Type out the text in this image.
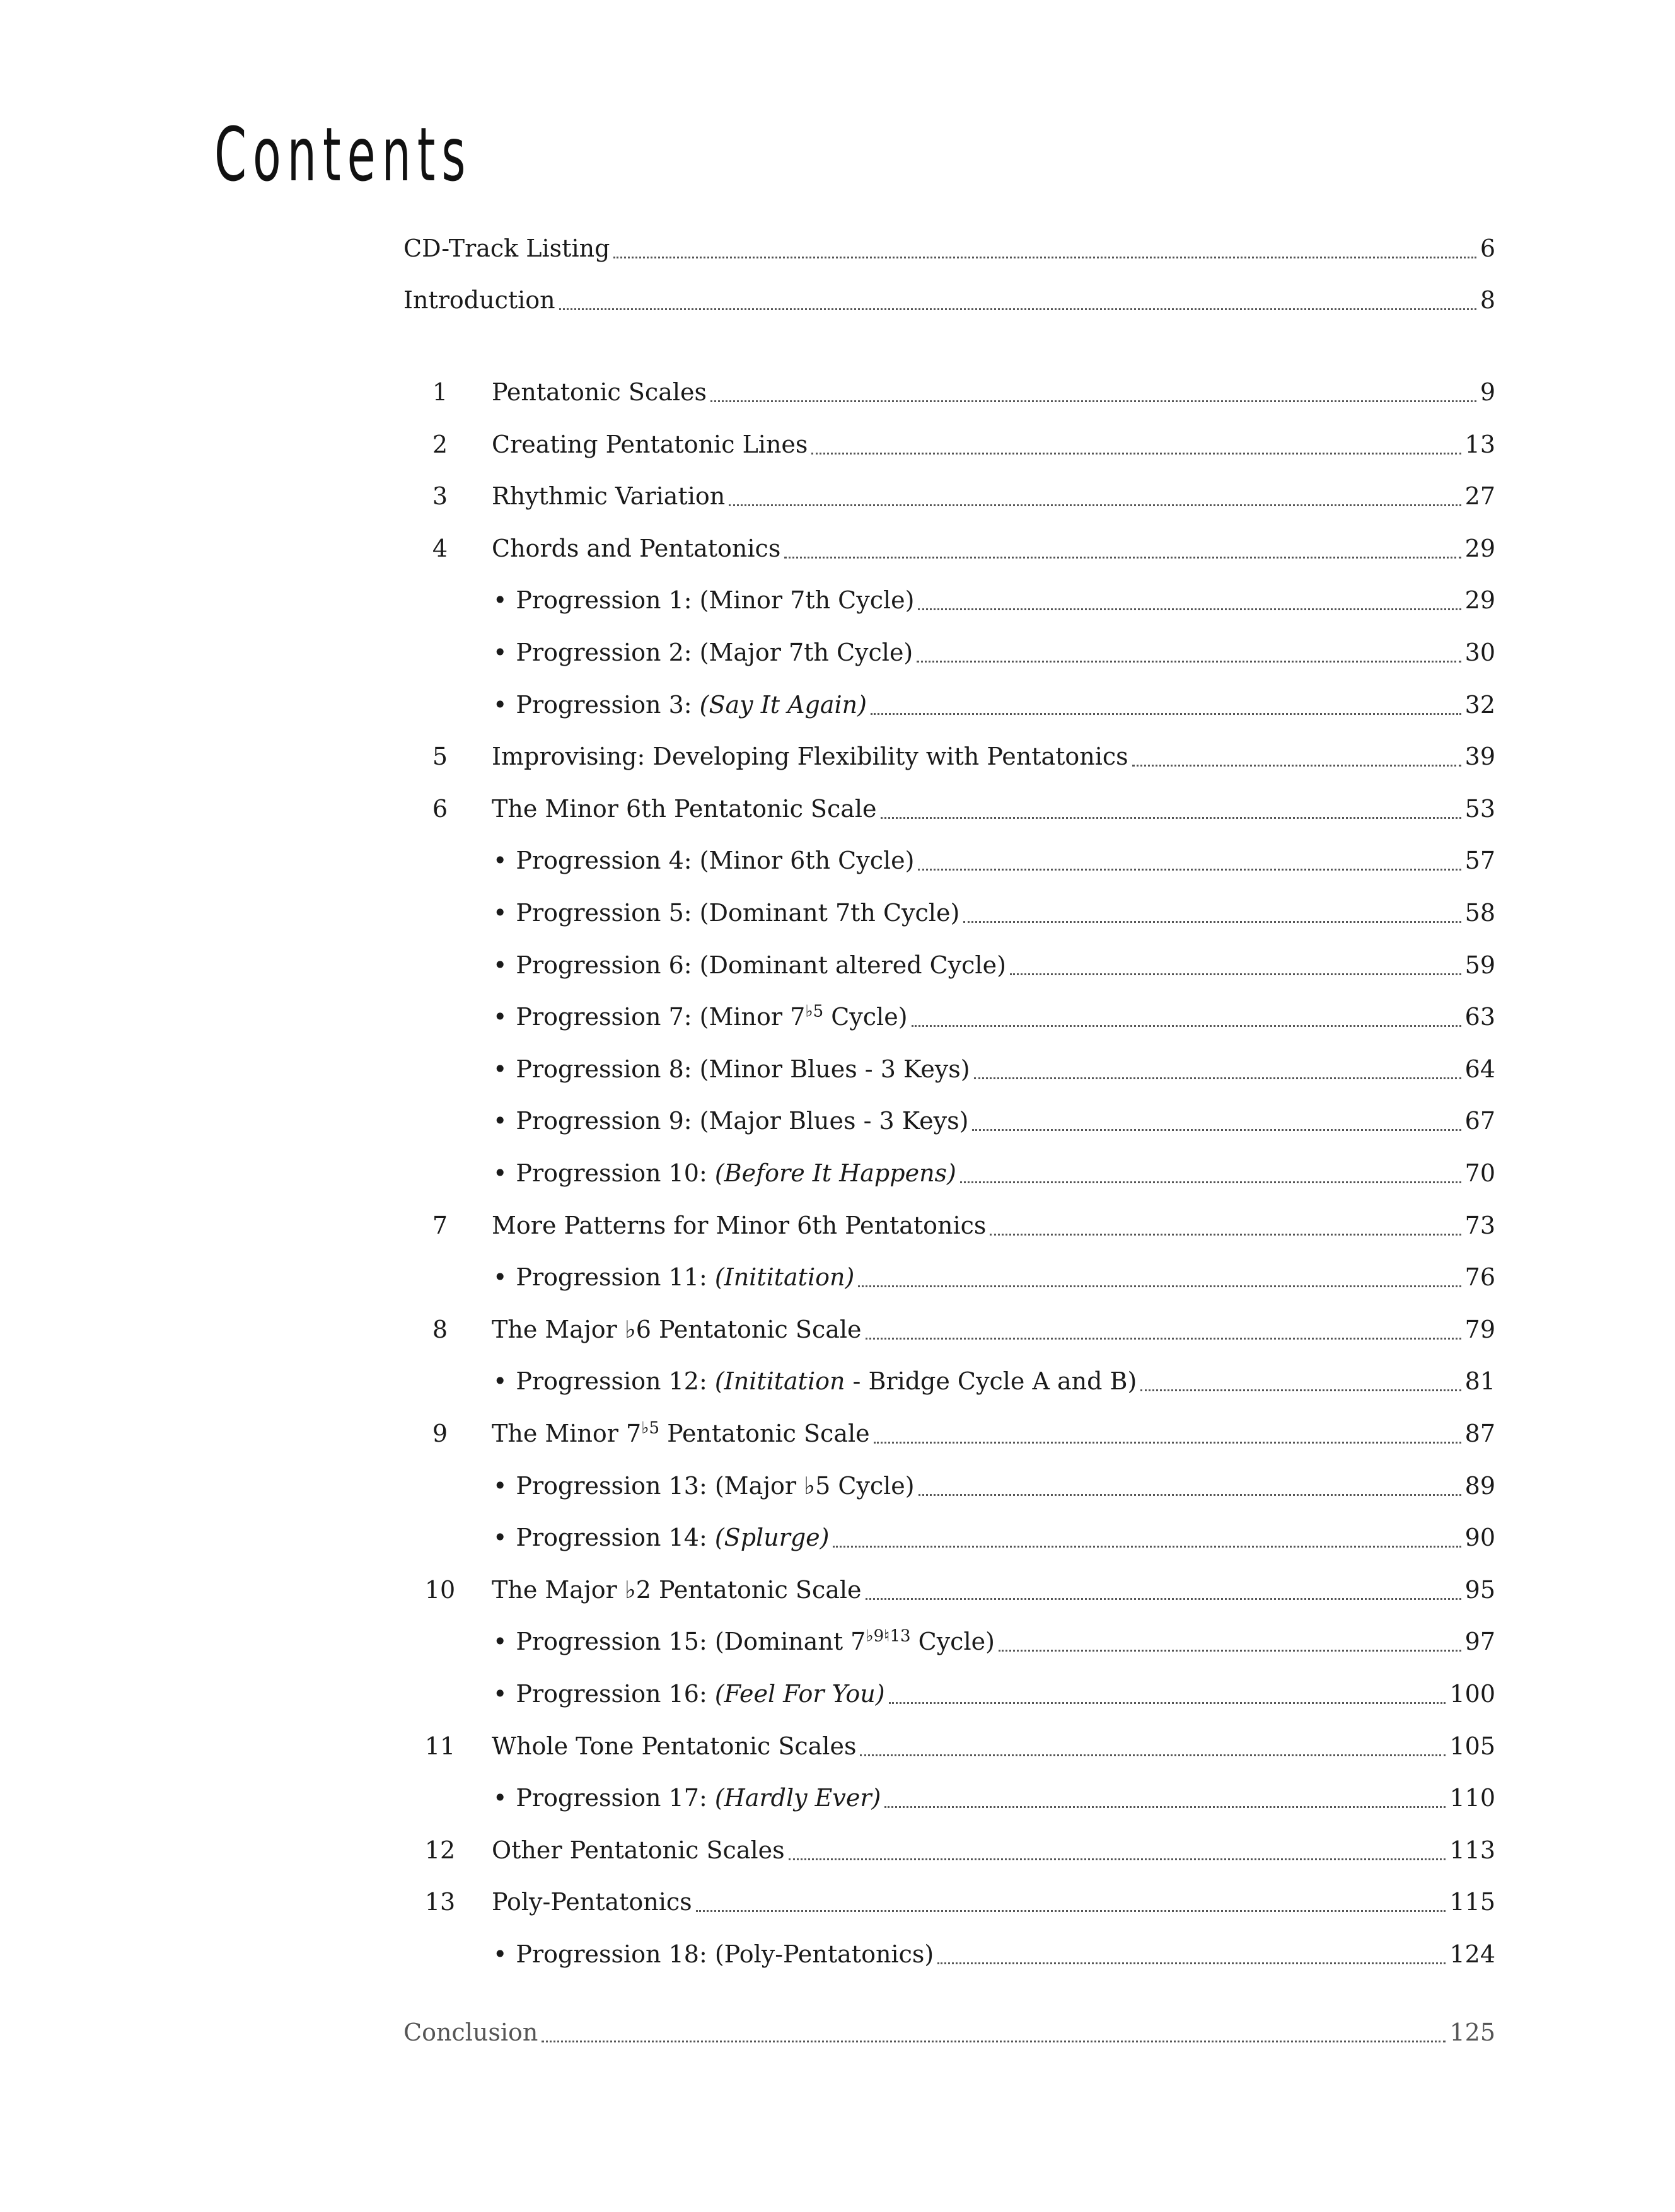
Contents
CD-Track Listing	6
Introduction	8
1	Pentatonic Scales	9
2	Creating Pentatonic Lines	13
3	Rhythmic Variation	27
4	Chords and Pentatonics	29
• Progression 1: (Minor 7th Cycle)	29
• Progression 2: (Major 7th Cycle)	30
• Progression 3: (Say It Again)	32
5	Improvising: Developing Flexibility with Pentatonics	39
6	The Minor 6th Pentatonic Scale	53
• Progression 4: (Minor 6th Cycle)	57
• Progression 5: (Dominant 7th Cycle)	58
• Progression 6: (Dominant altered Cycle)	59
• Progression 7: (Minor $7^{♭5}$ Cycle)	63
• Progression 8: (Minor Blues - 3 Keys)	64
• Progression 9: (Major Blues - 3 Keys)	67
• Progression 10: (Before It Happens)	70
7	More Patterns for Minor 6th Pentatonics	73
• Progression 11: (Inititation)	76
8	The Major ♭6 Pentatonic Scale	79
• Progression 12: (Inititation - Bridge Cycle A and B)	81
9	The Minor $7^{♭5}$ Pentatonic Scale	87
• Progression 13: (Major ♭5 Cycle)	89
• Progression 14: (Splurge)	90
10 The Major ♭2 Pentatonic Scale	95
• Progression 15: (Dominant $7^{♭9♮13}$ Cycle)	97
• Progression 16: (Feel For You)	100
11 Whole Tone Pentatonic Scales	105
• Progression 17: (Hardly Ever)	110
12 Other Pentatonic Scales	113
13 Poly-Pentatonics	115
• Progression 18: (Poly-Pentatonics)	124
Conclusion	125
